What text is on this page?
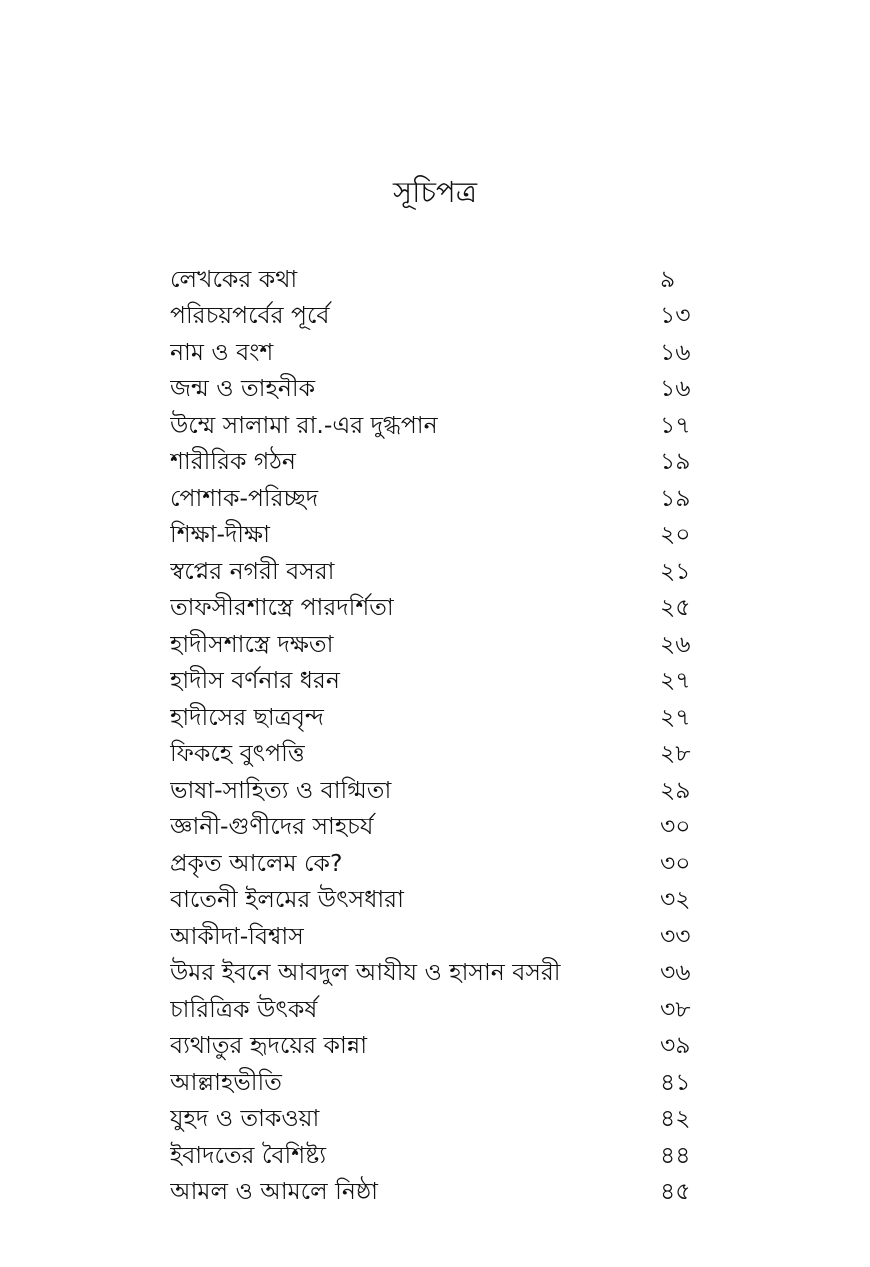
সূচিপত্র
লেখকের কথা	৯
পরিচয়পর্বের পূর্বে	১৩
নাম ও বংশ	১৬
জন্ম ও তাহনীক	১৬
উম্মে সালামা রা.-এর দুগ্ধপান	১৭
শারীরিক গঠন	১৯
পোশাক-পরিচ্ছদ	১৯
শিক্ষা-দীক্ষা	২০
স্বপ্নের নগরী বসরা	২১
তাফসীরশাস্ত্রে পারদর্শিতা	২৫
হাদীসশাস্ত্রে দক্ষতা	২৬
হাদীস বর্ণনার ধরন	২৭
হাদীসের ছাত্রবৃন্দ	২৭
ফিকহে বুৎপত্তি	২৮
ভাষা-সাহিত্য ও বাগ্মিতা	২৯
জ্ঞানী-গুণীদের সাহচর্য	৩০
প্রকৃত আলেম কে?	৩০
বাতেনী ইলমের উৎসধারা	৩২
আকীদা-বিশ্বাস	৩৩
উমর ইবনে আবদুল আযীয ও হাসান বসরী	৩৬
চারিত্রিক উৎকর্ষ	৩৮
ব্যথাতুর হৃদয়ের কান্না	৩৯
আল্লাহভীতি	৪১
যুহদ ও তাকওয়া	৪২
ইবাদতের বৈশিষ্ট্য	৪৪
আমল ও আমলে নিষ্ঠা	৪৫
